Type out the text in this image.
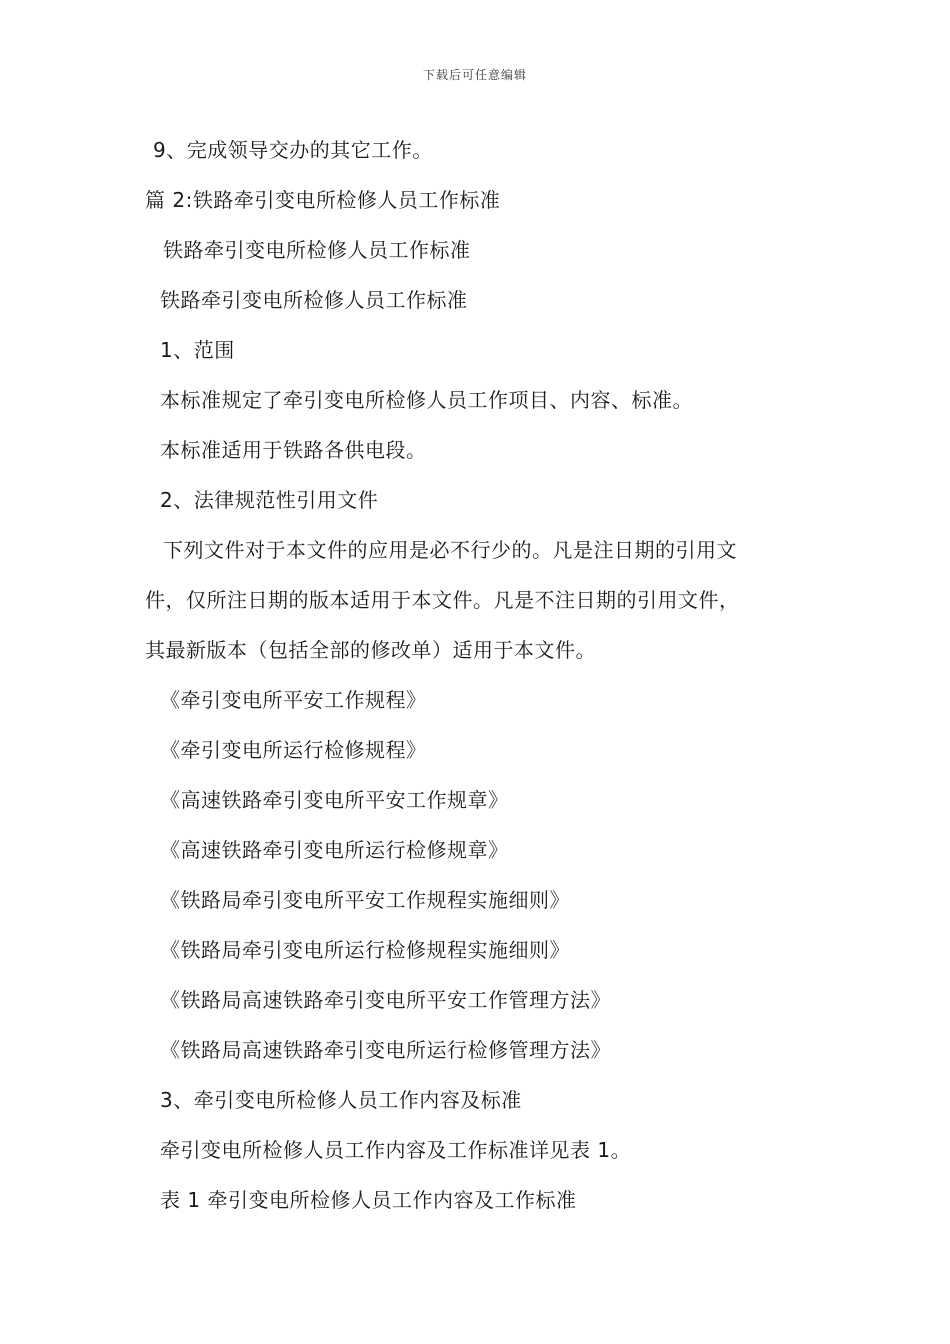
下载后可任意编辑
9、完成领导交办的其它工作。
篇 2:铁路牵引变电所检修人员工作标准
铁路牵引变电所检修人员工作标准
铁路牵引变电所检修人员工作标准
1、范围
本标准规定了牵引变电所检修人员工作项目、内容、标准。
本标准适用于铁路各供电段。
2、法律规范性引用文件
下列文件对于本文件的应用是必不行少的。凡是注日期的引用文
件，仅所注日期的版本适用于本文件。凡是不注日期的引用文件，
其最新版本（包括全部的修改单）适用于本文件。
《牵引变电所平安工作规程》
《牵引变电所运行检修规程》
《高速铁路牵引变电所平安工作规章》
《高速铁路牵引变电所运行检修规章》
《铁路局牵引变电所平安工作规程实施细则》
《铁路局牵引变电所运行检修规程实施细则》
《铁路局高速铁路牵引变电所平安工作管理方法》
《铁路局高速铁路牵引变电所运行检修管理方法》
3、牵引变电所检修人员工作内容及标准
牵引变电所检修人员工作内容及工作标准详见表 1。
表 1 牵引变电所检修人员工作内容及工作标准
